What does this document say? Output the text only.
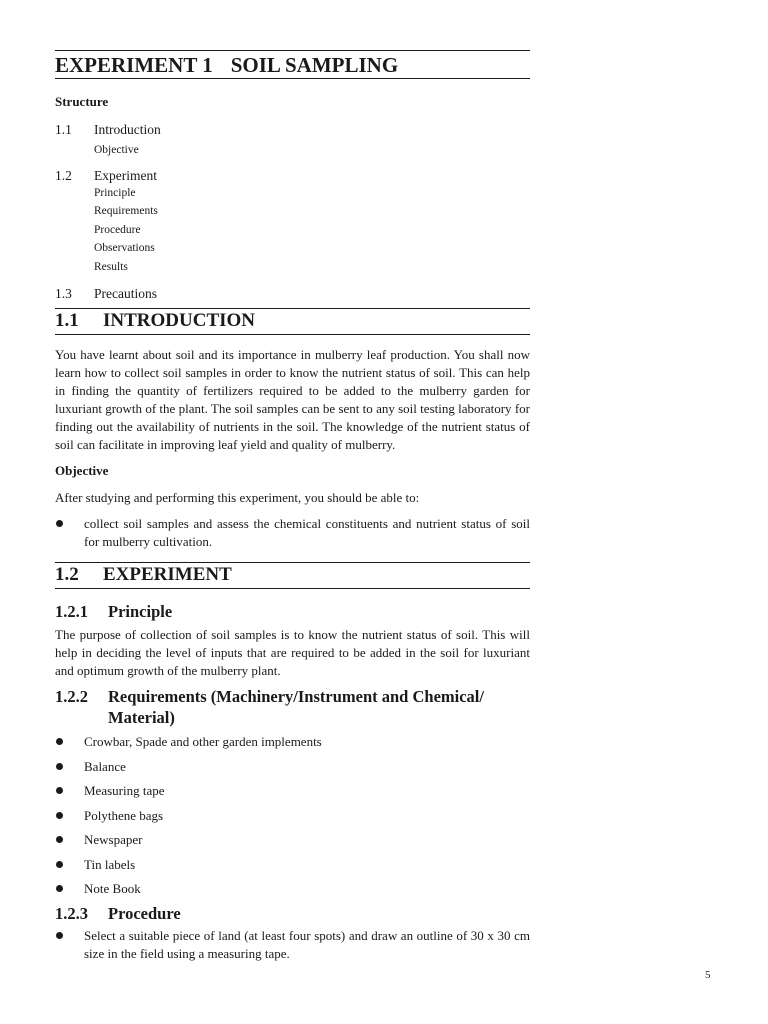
EXPERIMENT 1 SOIL SAMPLING
Structure
1.1	Introduction
Objective
1.2	Experiment
Principle
Requirements
Procedure
Observations
Results
1.3	Precautions
1.1	INTRODUCTION
You have learnt about soil and its importance in mulberry leaf production. You shall now learn how to collect soil samples in order to know the nutrient status of soil. This can help in finding the quantity of fertilizers required to be added to the mulberry garden for luxuriant growth of the plant. The soil samples can be sent to any soil testing laboratory for finding out the availability of nutrients in the soil. The knowledge of the nutrient status of soil can facilitate in improving leaf yield and quality of mulberry.
Objective
After studying and performing this experiment, you should be able to:
collect soil samples and assess the chemical constituents and nutrient status of soil for mulberry cultivation.
1.2	EXPERIMENT
1.2.1	Principle
The purpose of collection of soil samples is to know the nutrient status of soil. This will help in deciding the level of inputs that are required to be added in the soil for luxuriant and optimum growth of the mulberry plant.
1.2.2	Requirements (Machinery/Instrument and Chemical/ Material)
Crowbar, Spade and other garden implements
Balance
Measuring tape
Polythene bags
Newspaper
Tin labels
Note Book
1.2.3	Procedure
Select a suitable piece of land (at least four spots) and draw an outline of 30 x 30 cm size in the field using a measuring tape.
5
